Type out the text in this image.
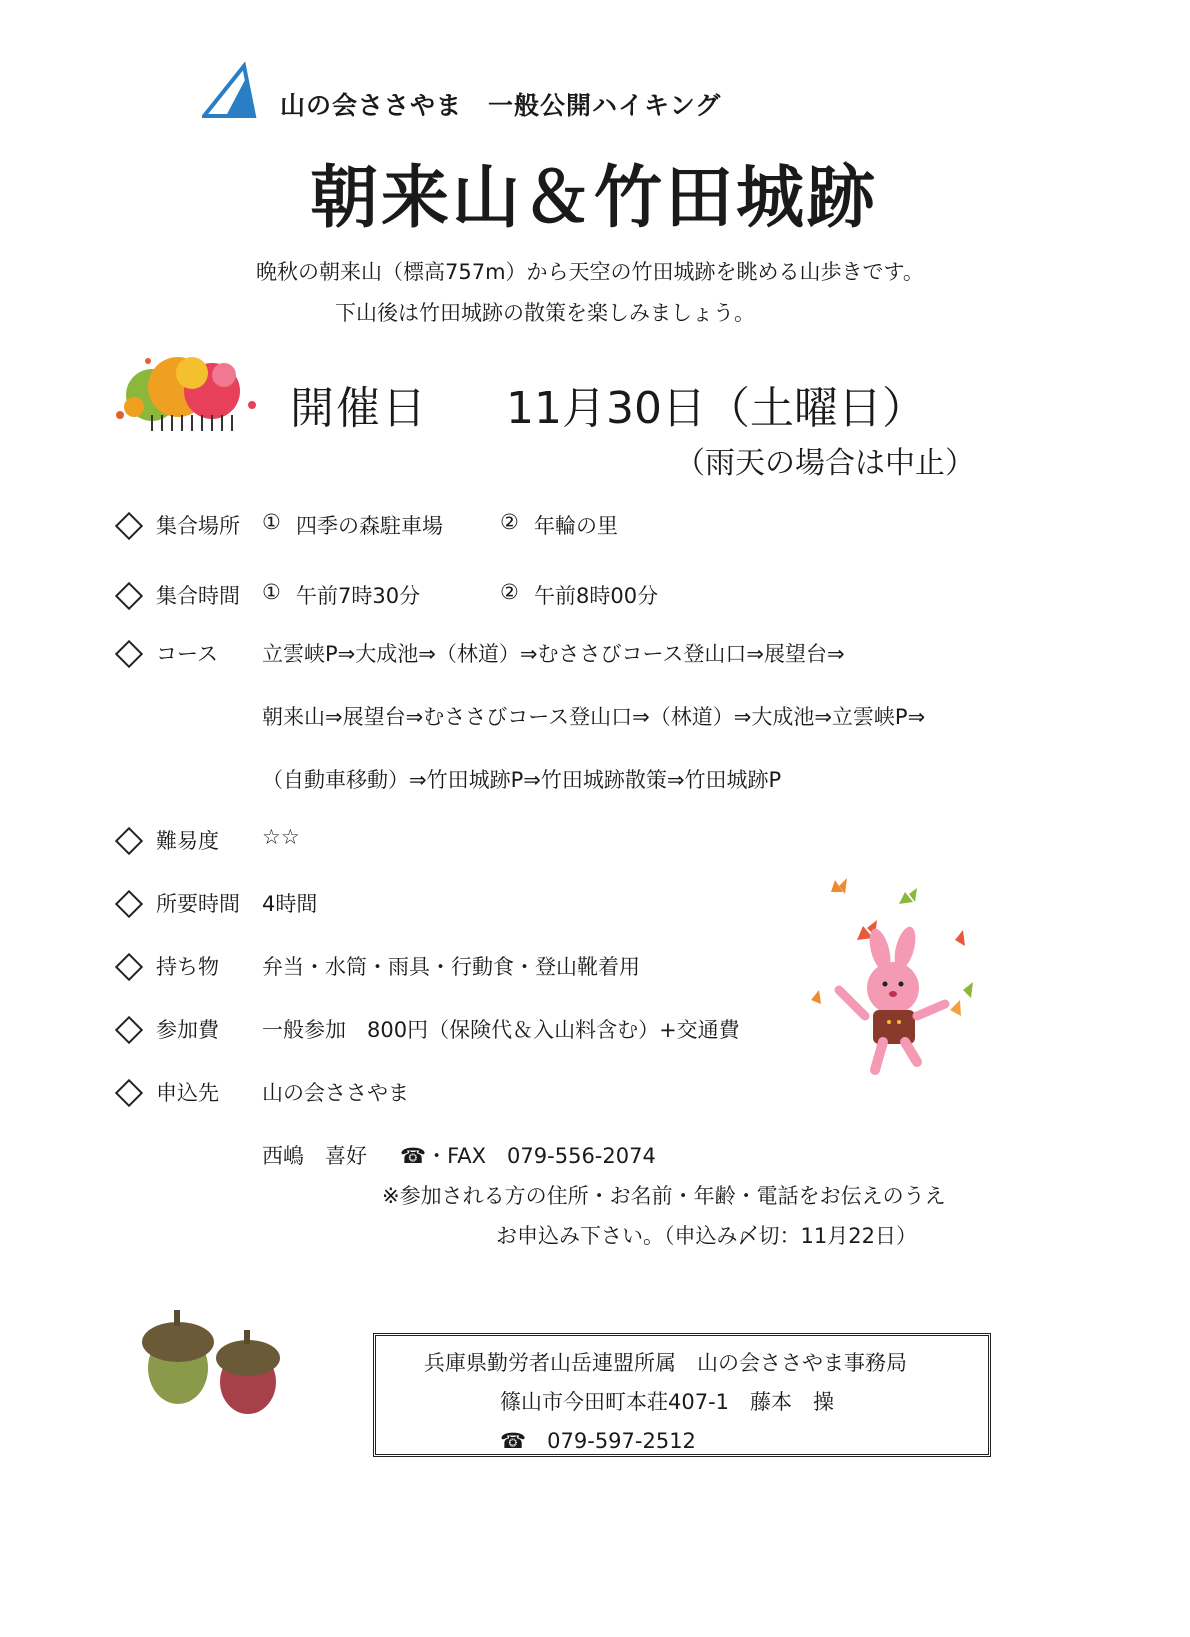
山の会ささやま　一般公開ハイキング
朝来山＆竹田城跡
晩秋の朝来山（標高757m）から天空の竹田城跡を眺める山歩きです。
下山後は竹田城跡の散策を楽しみましょう。
開催日 11月30日（土曜日）
（雨天の場合は中止）
集合場所 ① 四季の森駐車場	② 年輪の里
集合時間 ① 午前7時30分	② 午前8時00分
コース 立雲峡P⇒大成池⇒（林道）⇒むささびコース登山口⇒展望台⇒
朝来山⇒展望台⇒むささびコース登山口⇒（林道）⇒大成池⇒立雲峡P⇒
（自動車移動）⇒竹田城跡P⇒竹田城跡散策⇒竹田城跡P
難易度 ☆☆
所要時間 4時間
持ち物 弁当・水筒・雨具・行動食・登山靴着用
参加費 一般参加　800円（保険代＆入山料含む）+交通費
申込先 山の会ささやま
西嶋　喜好 ☎・FAX　079-556-2074
※参加される方の住所・お名前・年齢・電話をお伝えのうえ
お申込み下さい。（申込み〆切：11月22日）
兵庫県勤労者山岳連盟所属　山の会ささやま事務局
篠山市今田町本荘407-1　藤本　操
☎　079-597-2512
